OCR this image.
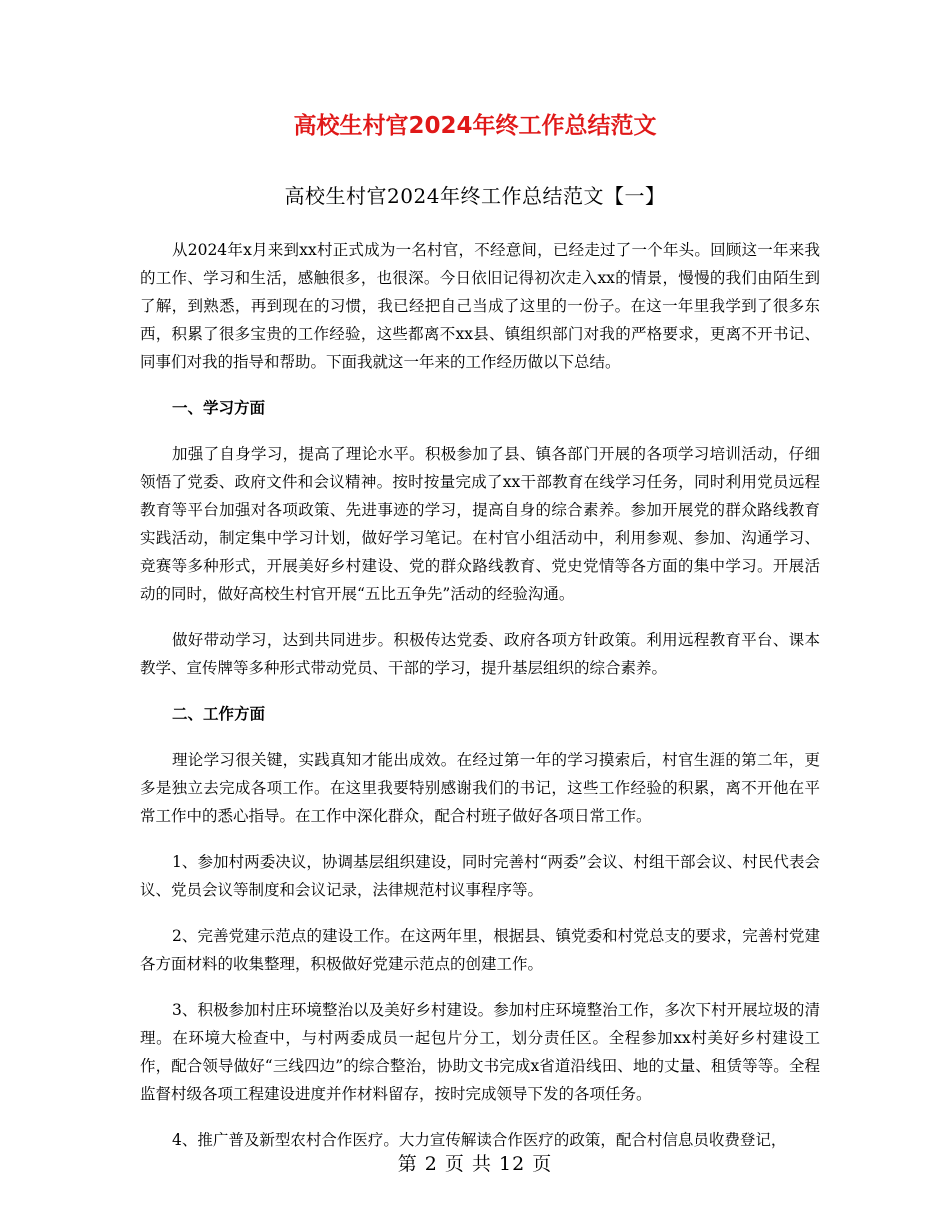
高校生村官2024年终工作总结范文
高校生村官2024年终工作总结范文【一】

从2024年x月来到xx村正式成为一名村官，不经意间，已经走过了一个年头。回顾这一年来我的工作、学习和生活，感触很多，也很深。今日依旧记得初次走入xx的情景，慢慢的我们由陌生到了解，到熟悉，再到现在的习惯，我已经把自己当成了这里的一份子。在这一年里我学到了很多东西，积累了很多宝贵的工作经验，这些都离不xx县、镇组织部门对我的严格要求，更离不开书记、同事们对我的指导和帮助。下面我就这一年来的工作经历做以下总结。

一、学习方面

加强了自身学习，提高了理论水平。积极参加了县、镇各部门开展的各项学习培训活动，仔细领悟了党委、政府文件和会议精神。按时按量完成了xx干部教育在线学习任务，同时利用党员远程教育等平台加强对各项政策、先进事迹的学习，提高自身的综合素养。参加开展党的群众路线教育实践活动，制定集中学习计划，做好学习笔记。在村官小组活动中，利用参观、参加、沟通学习、竞赛等多种形式，开展美好乡村建设、党的群众路线教育、党史党情等各方面的集中学习。开展活动的同时，做好高校生村官开展“五比五争先”活动的经验沟通。

做好带动学习，达到共同进步。积极传达党委、政府各项方针政策。利用远程教育平台、课本教学、宣传牌等多种形式带动党员、干部的学习，提升基层组织的综合素养。

二、工作方面

理论学习很关键，实践真知才能出成效。在经过第一年的学习摸索后，村官生涯的第二年，更多是独立去完成各项工作。在这里我要特别感谢我们的书记，这些工作经验的积累，离不开他在平常工作中的悉心指导。在工作中深化群众，配合村班子做好各项日常工作。

1、参加村两委决议，协调基层组织建设，同时完善村“两委”会议、村组干部会议、村民代表会议、党员会议等制度和会议记录，法律规范村议事程序等。

2、完善党建示范点的建设工作。在这两年里，根据县、镇党委和村党总支的要求，完善村党建各方面材料的收集整理，积极做好党建示范点的创建工作。

3、积极参加村庄环境整治以及美好乡村建设。参加村庄环境整治工作，多次下村开展垃圾的清理。在环境大检查中，与村两委成员一起包片分工，划分责任区。全程参加xx村美好乡村建设工作，配合领导做好“三线四边”的综合整治，协助文书完成x省道沿线田、地的丈量、租赁等等。全程监督村级各项工程建设进度并作材料留存，按时完成领导下发的各项任务。

4、推广普及新型农村合作医疗。大力宣传解读合作医疗的政策，配合村信息员收费登记，

第 2 页 共 12 页
